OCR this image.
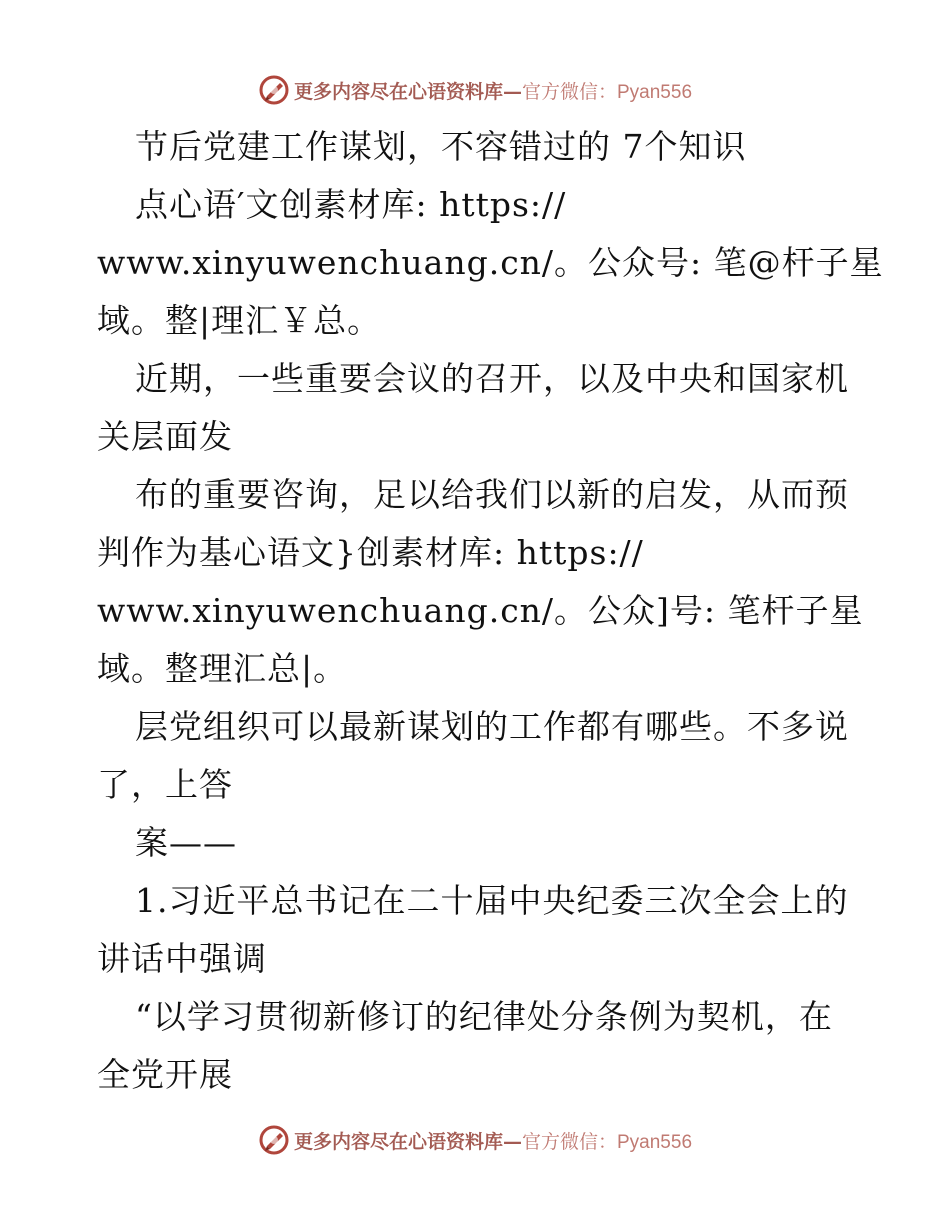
更多内容尽在心语资料库—官方微信：Pyan556
节后党建工作谋划，不容错过的 7个知识
点心语′文创素材库: https://
www.xinyuwenchuang.cn/。公众号: 笔@杆子星
域。整|理汇￥总。
近期，一些重要会议的召开，以及中央和国家机
关层面发
布的重要咨询，足以给我们以新的启发，从而预
判作为基心语文}创素材库: https://
www.xinyuwenchuang.cn/。公众]号: 笔杆子星
域。整理汇总|。
层党组织可以最新谋划的工作都有哪些。不多说
了，上答
案——
1.习近平总书记在二十届中央纪委三次全会上的
讲话中强调
“以学习贯彻新修订的纪律处分条例为契机，在
全党开展
更多内容尽在心语资料库—官方微信：Pyan556
